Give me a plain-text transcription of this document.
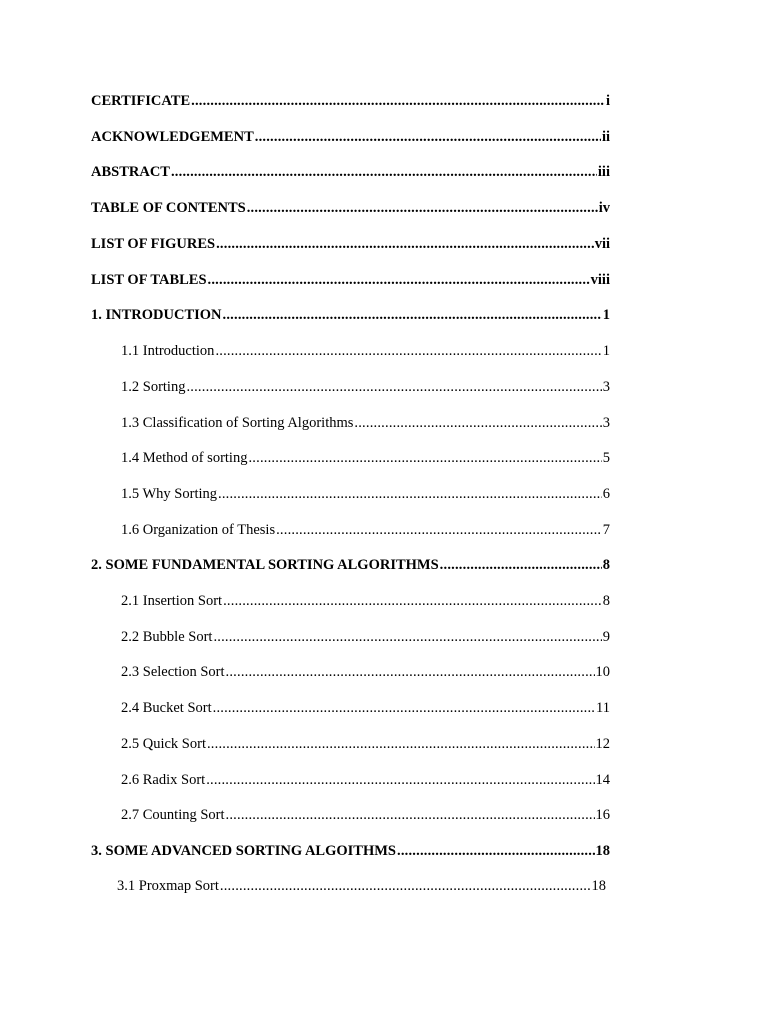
CERTIFICATE .....	i
ACKNOWLEDGEMENT .....	ii
ABSTRACT .....	iii
TABLE OF CONTENTS .....	iv
LIST OF FIGURES .....	vii
LIST OF TABLES .....	viii
1. INTRODUCTION .....	1
1.1 Introduction .....	1
1.2 Sorting .....	3
1.3 Classification of Sorting Algorithms .....	3
1.4 Method of sorting .....	5
1.5 Why Sorting .....	6
1.6 Organization of Thesis .....	7
2. SOME FUNDAMENTAL SORTING ALGORITHMS .....	8
2.1 Insertion Sort .....	8
2.2 Bubble Sort .....	9
2.3 Selection Sort .....	10
2.4 Bucket Sort .....	11
2.5 Quick Sort .....	12
2.6 Radix Sort .....	14
2.7 Counting Sort .....	16
3. SOME ADVANCED SORTING ALGOITHMS .....	18
3.1 Proxmap Sort .....	18
